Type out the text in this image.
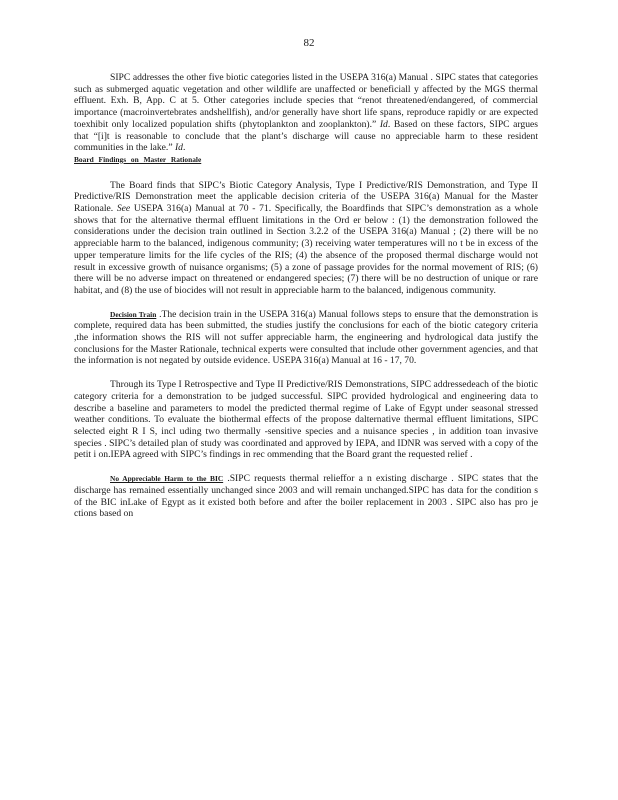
82

SIPC addresses the other five biotic categories listed in the USEPA 316(a) Manual . SIPC states that categories such as submerged aquatic vegetation and other wildlife are unaffected or beneficiall y affected by the MGS thermal effluent. Exh. B, App. C at 5. Other categories include species that “renot threatened/endangered, of commercial importance (macroinvertebrates andshellfish), and/or generally have short life spans, reproduce rapidly or are expected toexhibit only localized population shifts (phytoplankton and zooplankton).” Id. Based on these factors, SIPC argues that “[i]t is reasonable to conclude that the plant’s discharge will cause no appreciable harm to these resident communities in the lake.” Id.

Board Findings on Master Rationale

The Board finds that SIPC’s Biotic Category Analysis, Type I Predictive/RIS Demonstration, and Type II Predictive/RIS Demonstration meet the applicable decision criteria of the USEPA 316(a) Manual for the Master Rationale. See USEPA 316(a) Manual at 70 - 71. Specifically, the Boardfinds that SIPC’s demonstration as a whole shows that for the alternative thermal effluent limitations in the Ord er below : (1) the demonstration followed the considerations under the decision train outlined in Section 3.2.2 of the USEPA 316(a) Manual ; (2) there will be no appreciable harm to the balanced, indigenous community; (3) receiving water temperatures will no t be in excess of the upper temperature limits for the life cycles of the RIS; (4) the absence of the proposed thermal discharge would not result in excessive growth of nuisance organisms; (5) a zone of passage provides for the normal movement of RIS; (6) there will be no adverse impact on threatened or endangered species; (7) there will be no destruction of unique or rare habitat, and (8) the use of biocides will not result in appreciable harm to the balanced, indigenous community.

Decision Train .The decision train in the USEPA 316(a) Manual follows steps to ensure that the demonstration is complete, required data has been submitted, the studies justify the conclusions for each of the biotic category criteria ,the information shows the RIS will not suffer appreciable harm, the engineering and hydrological data justify the conclusions for the Master Rationale, technical experts were consulted that include other government agencies, and that the information is not negated by outside evidence. USEPA 316(a) Manual at 16 - 17, 70.

Through its Type I Retrospective and Type II Predictive/RIS Demonstrations, SIPC addressedeach of the biotic category criteria for a demonstration to be judged successful. SIPC provided hydrological and engineering data to describe a baseline and parameters to model the predicted thermal regime of Lake of Egypt under seasonal stressed weather conditions. To evaluate the biothermal effects of the propose dalternative thermal effluent limitations, SIPC selected eight R I S, incl uding two thermally -sensitive species and a nuisance species , in addition toan invasive species . SIPC’s detailed plan of study was coordinated and approved by IEPA, and IDNR was served with a copy of the petit i on.IEPA agreed with SIPC’s findings in rec ommending that the Board grant the requested relief .

No Appreciable Harm to the BIC .SIPC requests thermal relieffor a n existing discharge . SIPC states that the discharge has remained essentially unchanged since 2003 and will remain unchanged.SIPC has data for the condition s of the BIC inLake of Egypt as it existed both before and after the boiler replacement in 2003 . SIPC also has pro je ctions based on
